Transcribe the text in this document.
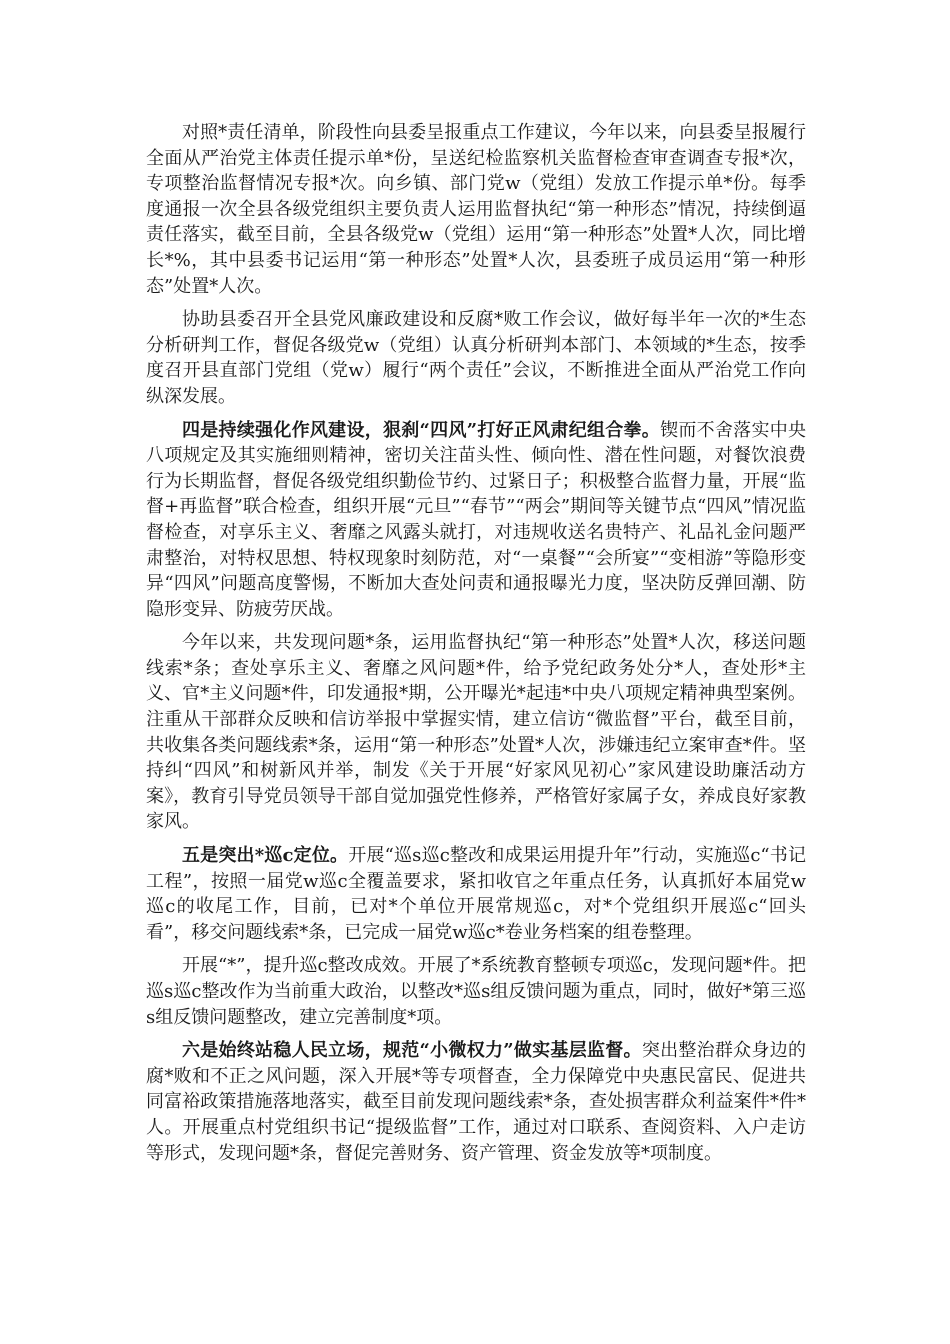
对照*责任清单，阶段性向县委呈报重点工作建议，今年以来，向县委呈报履行全面从严治党主体责任提示单*份，呈送纪检监察机关监督检查审查调查专报*次，专项整治监督情况专报*次。向乡镇、部门党w（党组）发放工作提示单*份。每季度通报一次全县各级党组织主要负责人运用监督执纪“第一种形态”情况，持续倒逼责任落实，截至目前，全县各级党w（党组）运用“第一种形态”处置*人次，同比增长*%，其中县委书记运用“第一种形态”处置*人次，县委班子成员运用“第一种形态”处置*人次。

协助县委召开全县党风廉政建设和反腐*败工作会议，做好每半年一次的*生态分析研判工作，督促各级党w（党组）认真分析研判本部门、本领域的*生态，按季度召开县直部门党组（党w）履行“两个责任”会议，不断推进全面从严治党工作向纵深发展。

四是持续强化作风建设，狠刹“四风”打好正风肃纪组合拳。锲而不舍落实中央八项规定及其实施细则精神，密切关注苗头性、倾向性、潜在性问题，对餐饮浪费行为长期监督，督促各级党组织勤俭节约、过紧日子；积极整合监督力量，开展“监督+再监督”联合检查，组织开展“元旦”“春节”“两会”期间等关键节点“四风”情况监督检查，对享乐主义、奢靡之风露头就打，对违规收送名贵特产、礼品礼金问题严肃整治，对特权思想、特权现象时刻防范，对“一桌餐”“会所宴”“变相游”等隐形变异“四风”问题高度警惕，不断加大查处问责和通报曝光力度，坚决防反弹回潮、防隐形变异、防疲劳厌战。

今年以来，共发现问题*条，运用监督执纪“第一种形态”处置*人次，移送问题线索*条；查处享乐主义、奢靡之风问题*件，给予党纪政务处分*人，查处形*主义、官*主义问题*件，印发通报*期，公开曝光*起违*中央八项规定精神典型案例。注重从干部群众反映和信访举报中掌握实情，建立信访“微监督”平台，截至目前，共收集各类问题线索*条，运用“第一种形态”处置*人次，涉嫌违纪立案审查*件。坚持纠“四风”和树新风并举，制发《关于开展“好家风见初心”家风建设助廉活动方案》，教育引导党员领导干部自觉加强党性修养，严格管好家属子女，养成良好家教家风。

五是突出*巡c定位。开展“巡s巡c整改和成果运用提升年”行动，实施巡c“书记工程”，按照一届党w巡c全覆盖要求，紧扣收官之年重点任务，认真抓好本届党w巡c的收尾工作，目前，已对*个单位开展常规巡c，对*个党组织开展巡c“回头看”，移交问题线索*条，已完成一届党w巡c*卷业务档案的组卷整理。

开展“*”，提升巡c整改成效。开展了*系统教育整顿专项巡c，发现问题*件。把巡s巡c整改作为当前重大政治，以整改*巡s组反馈问题为重点，同时，做好*第三巡s组反馈问题整改，建立完善制度*项。

六是始终站稳人民立场，规范“小微权力”做实基层监督。突出整治群众身边的腐*败和不正之风问题，深入开展*等专项督查，全力保障党中央惠民富民、促进共同富裕政策措施落地落实，截至目前发现问题线索*条，查处损害群众利益案件*件*人。开展重点村党组织书记“提级监督”工作，通过对口联系、查阅资料、入户走访等形式，发现问题*条，督促完善财务、资产管理、资金发放等*项制度。
